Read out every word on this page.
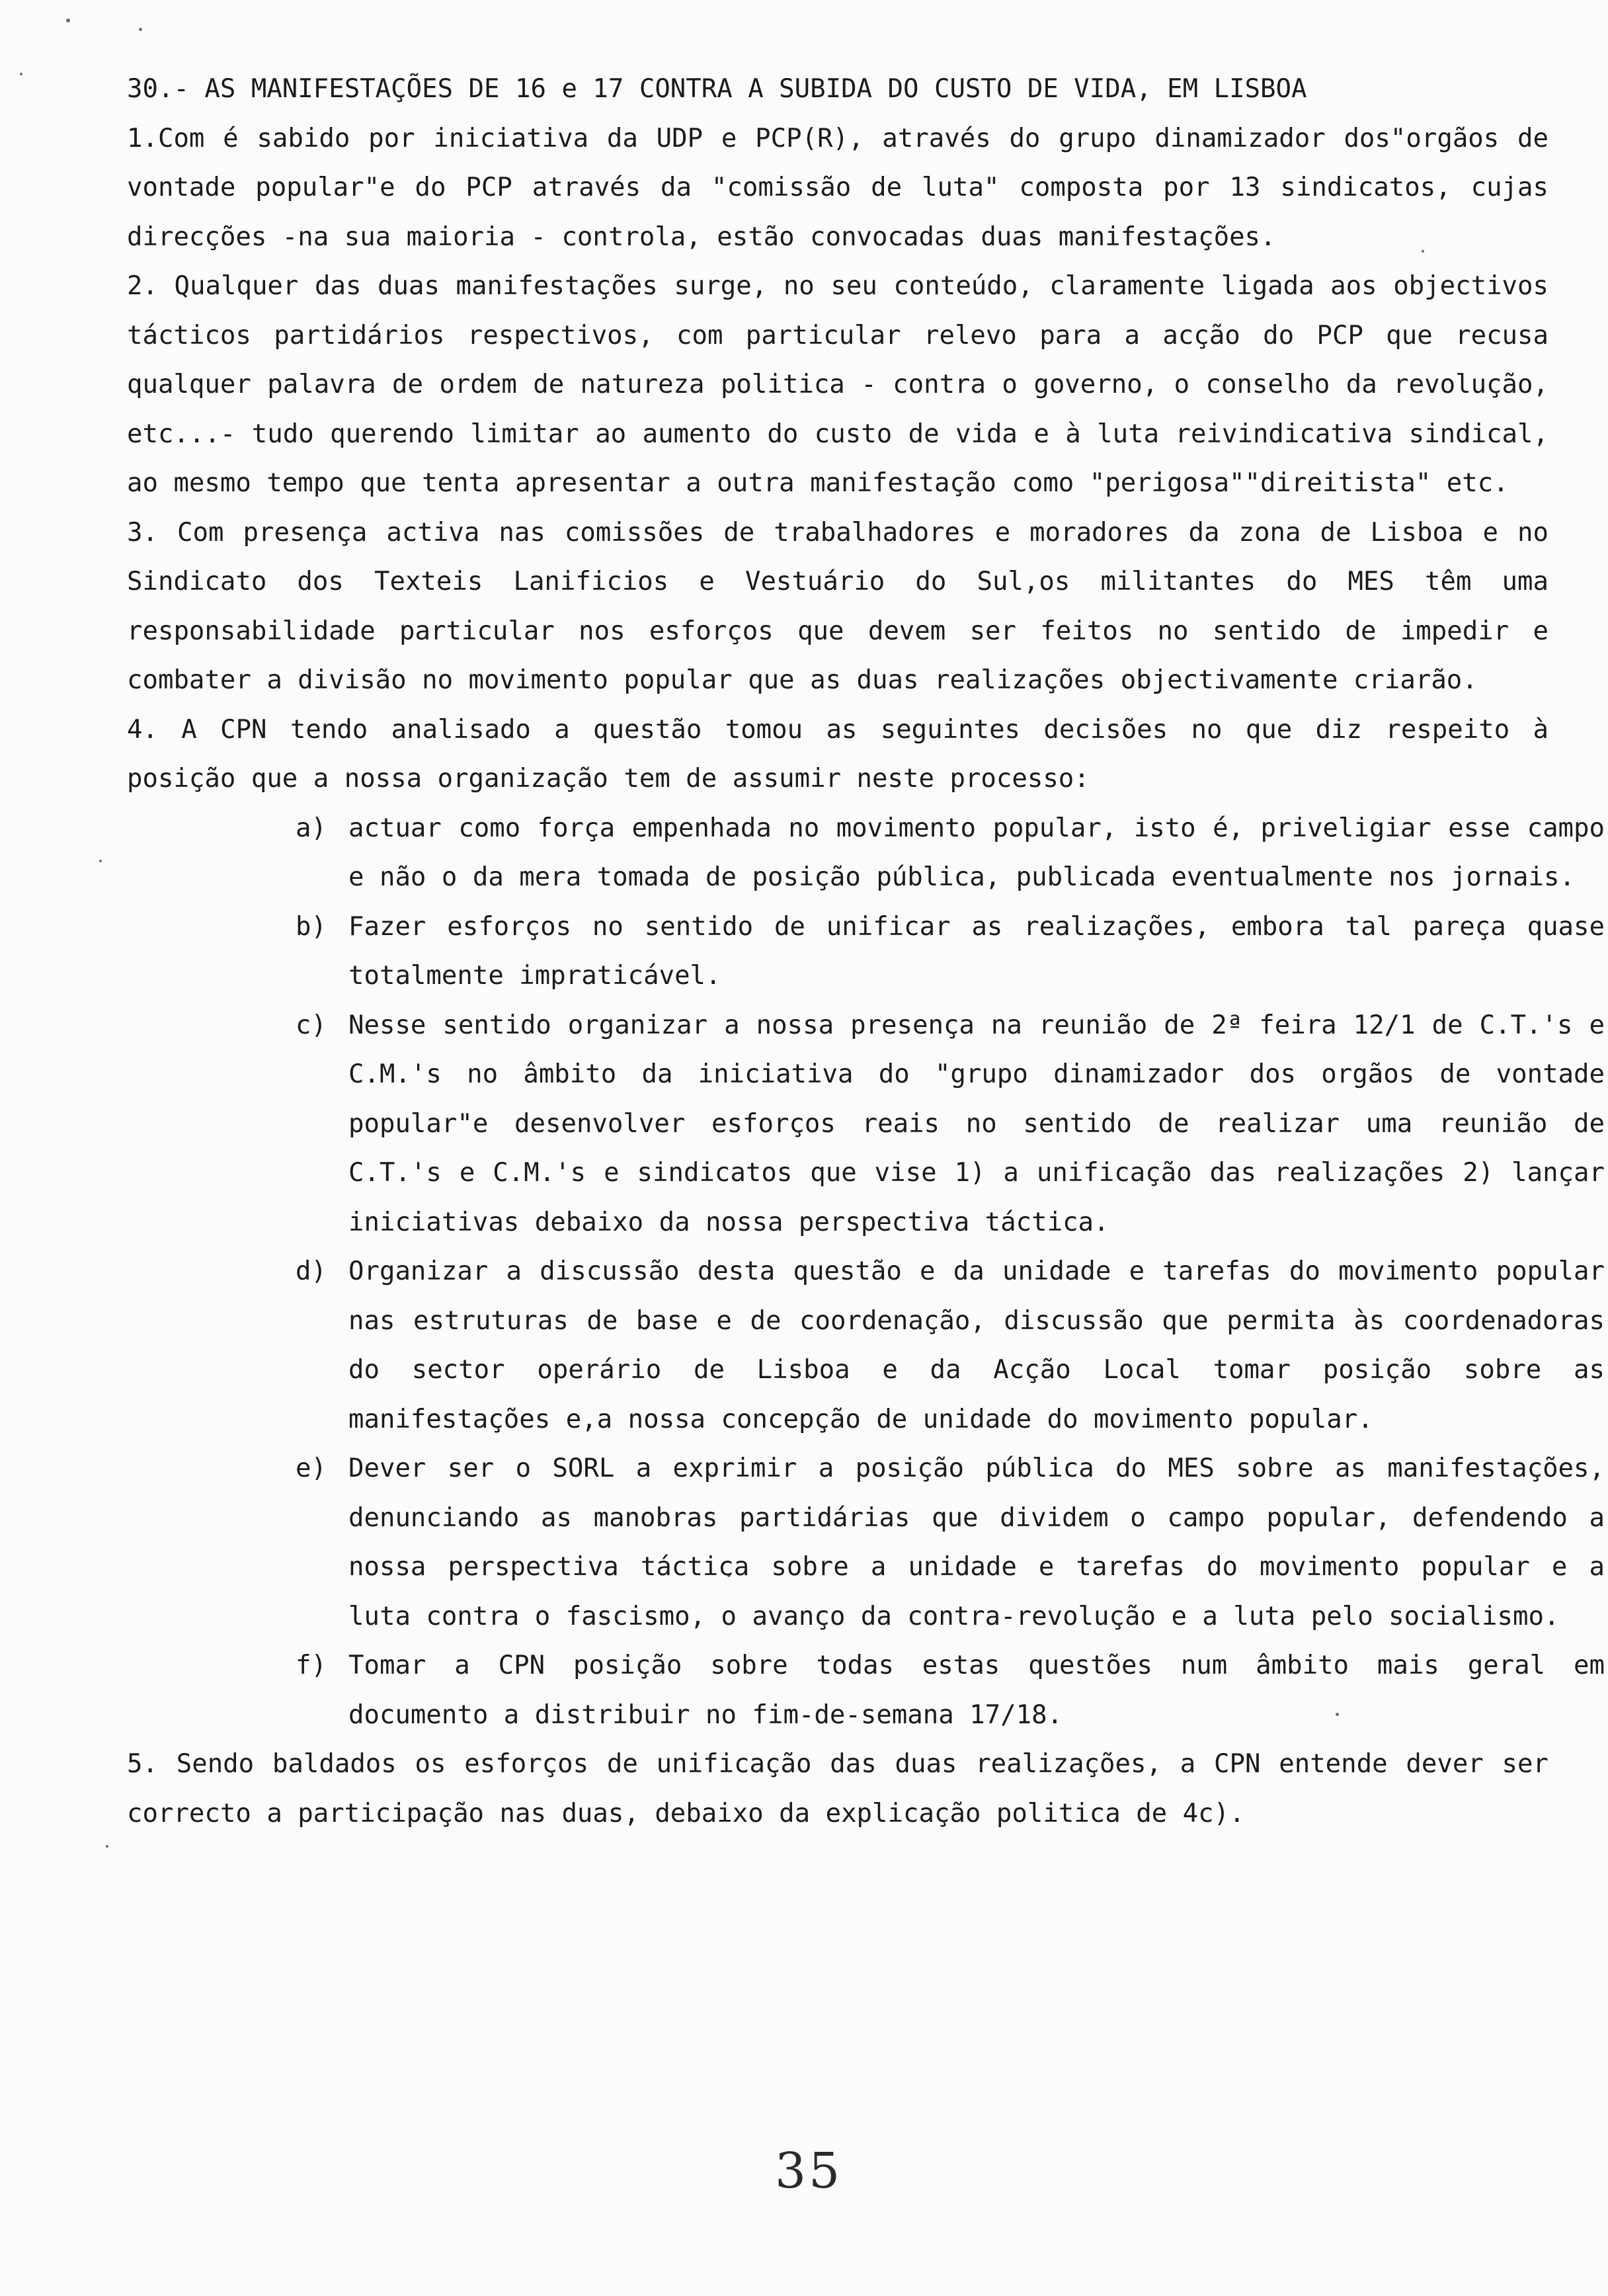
30.- AS MANIFESTAÇÕES DE 16 e 17 CONTRA A SUBIDA DO CUSTO DE VIDA, EM LISBOA

1.Com é sabido por iniciativa da UDP e PCP(R), através do grupo dinamizador dos"orgãos de vontade popular"e do PCP através da "comissão de luta" composta por 13 sindicatos, cujas direcções -na sua maioria - controla, estão convocadas duas manifestações.

2. Qualquer das duas manifestações surge, no seu conteúdo, claramente ligada aos objectivos tácticos partidários respectivos, com particular relevo para a acção do PCP que recusa qualquer palavra de ordem de natureza politica - contra o governo, o conselho da revolução, etc...- tudo querendo limitar ao aumento do custo de vida e à luta reivindicativa sindical, ao mesmo tempo que tenta apresentar a outra manifestação como "perigosa""direitista" etc.

3. Com presença activa nas comissões de trabalhadores e moradores da zona de Lisboa e no Sindicato dos Texteis Lanificios e Vestuário do Sul,os militantes do MES têm uma responsabilidade particular nos esforços que devem ser feitos no sentido de impedir e combater a divisão no movimento popular que as duas realizações objectivamente criarão.

4. A CPN tendo analisado a questão tomou as seguintes decisões no que diz respeito à posição que a nossa organização tem de assumir neste processo:

a) actuar como força empenhada no movimento popular, isto é, priveligiar esse campo e não o da mera tomada de posição pública, publicada eventualmente nos jornais.
b) Fazer esforços no sentido de unificar as realizações, embora tal pareça quase totalmente impraticável.
c) Nesse sentido organizar a nossa presença na reunião de 2ª feira 12/1 de C.T.'s e C.M.'s no âmbito da iniciativa do "grupo dinamizador dos orgãos de vontade popular"e desenvolver esforços reais no sentido de realizar uma reunião de C.T.'s e C.M.'s e sindicatos que vise 1) a unificação das realizações 2) lançar iniciativas debaixo da nossa perspectiva táctica.
d) Organizar a discussão desta questão e da unidade e tarefas do movimento popular nas estruturas de base e de coordenação, discussão que permita às coordenadoras do sector operário de Lisboa e da Acção Local tomar posição sobre as manifestações e,a nossa concepção de unidade do movimento popular.
e) Dever ser o SORL a exprimir a posição pública do MES sobre as manifestações, denunciando as manobras partidárias que dividem o campo popular, defendendo a nossa perspectiva táctica sobre a unidade e tarefas do movimento popular e a luta contra o fascismo, o avanço da contra-revolução e a luta pelo socialismo.
f) Tomar a CPN posição sobre todas estas questões num âmbito mais geral em documento a distribuir no fim-de-semana 17/18.

5. Sendo baldados os esforços de unificação das duas realizações, a CPN entende dever ser correcto a participação nas duas, debaixo da explicação politica de 4c).

35
